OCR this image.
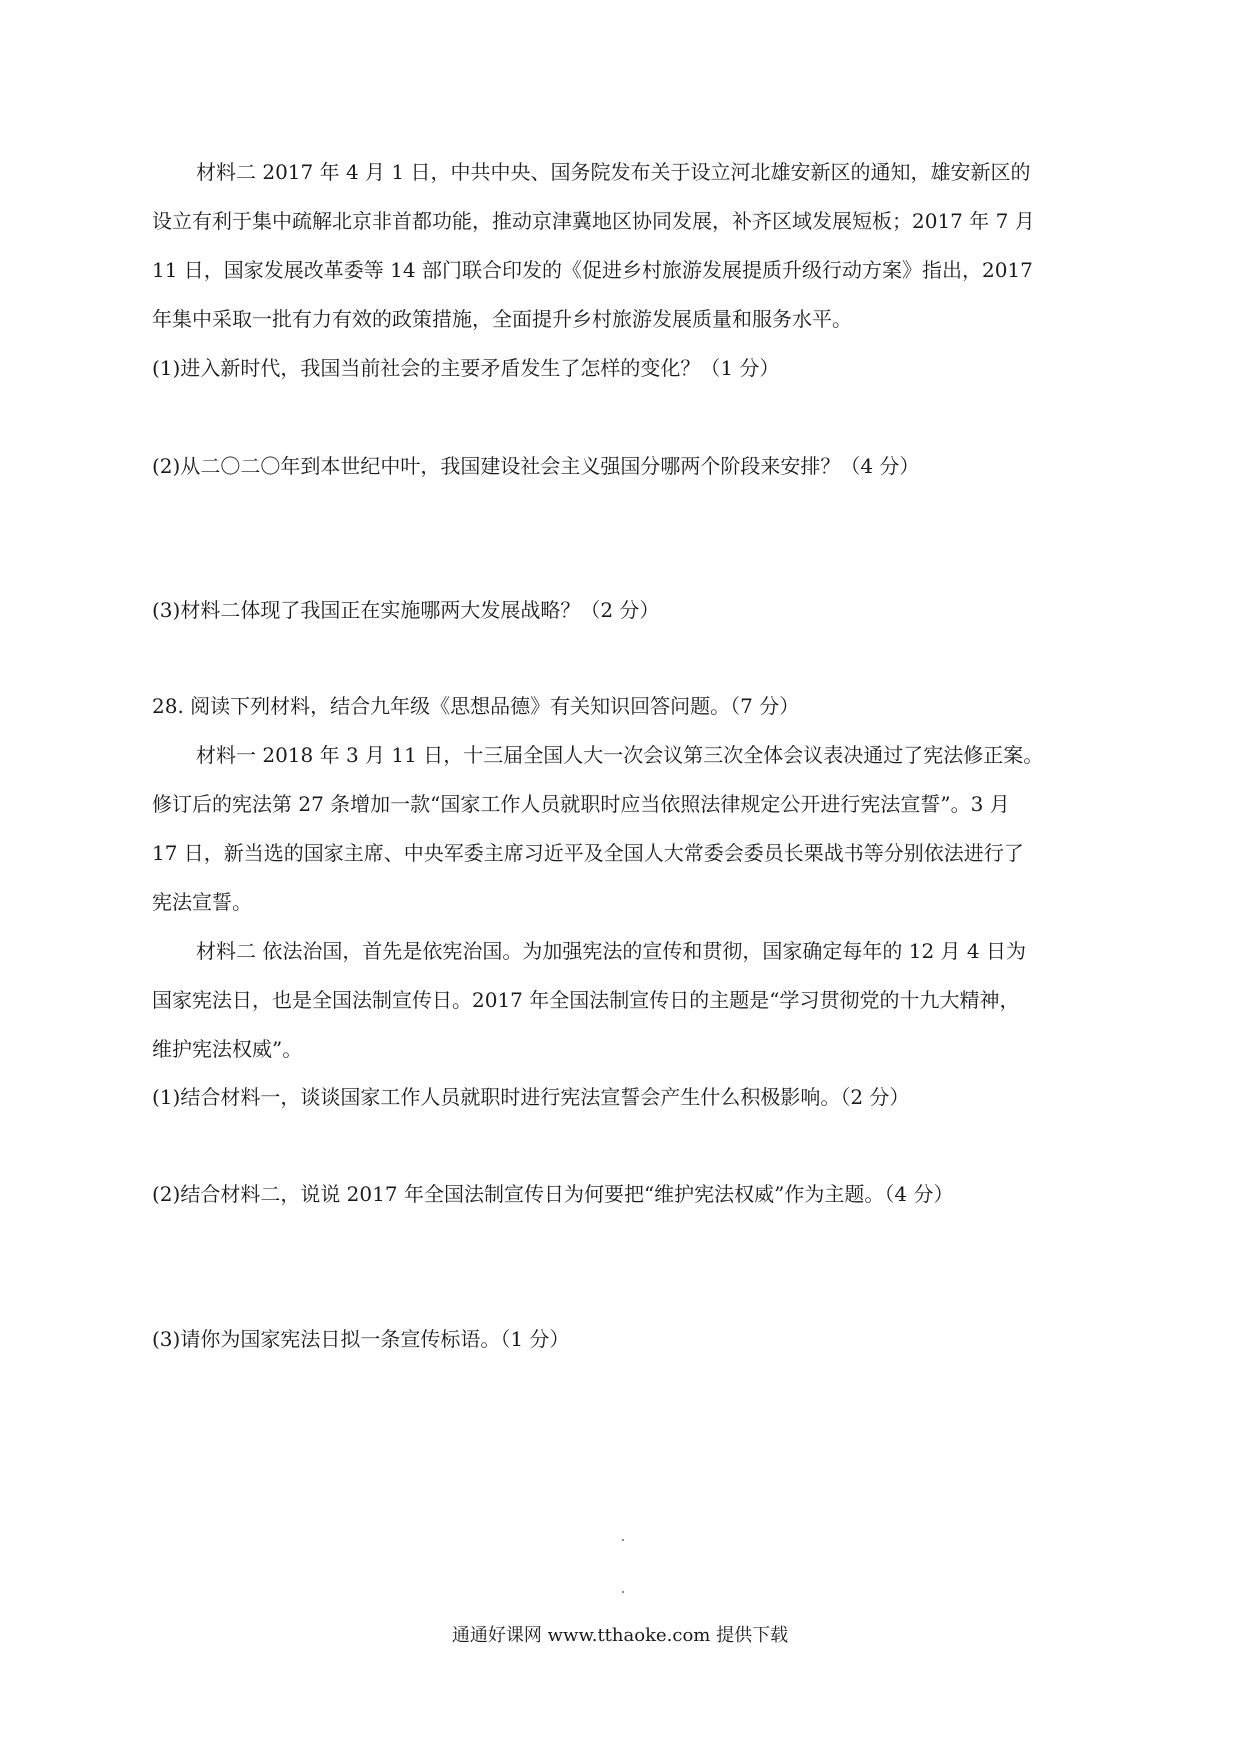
材料二 2017 年 4 月 1 日，中共中央、国务院发布关于设立河北雄安新区的通知，雄安新区的

设立有利于集中疏解北京非首都功能，推动京津冀地区协同发展，补齐区域发展短板；2017 年 7 月

11 日，国家发展改革委等 14 部门联合印发的《促进乡村旅游发展提质升级行动方案》指出，2017

年集中采取一批有力有效的政策措施，全面提升乡村旅游发展质量和服务水平。

(1)进入新时代，我国当前社会的主要矛盾发生了怎样的变化？（1 分）

(2)从二〇二〇年到本世纪中叶，我国建设社会主义强国分哪两个阶段来安排？（4 分）

(3)材料二体现了我国正在实施哪两大发展战略？（2 分）

28. 阅读下列材料，结合九年级《思想品德》有关知识回答问题。（7 分）

材料一 2018 年 3 月 11 日，十三届全国人大一次会议第三次全体会议表决通过了宪法修正案。

修订后的宪法第 27 条增加一款“国家工作人员就职时应当依照法律规定公开进行宪法宣誓”。3 月

17 日，新当选的国家主席、中央军委主席习近平及全国人大常委会委员长栗战书等分别依法进行了

宪法宣誓。

材料二 依法治国，首先是依宪治国。为加强宪法的宣传和贯彻，国家确定每年的 12 月 4 日为

国家宪法日，也是全国法制宣传日。2017 年全国法制宣传日的主题是“学习贯彻党的十九大精神，

维护宪法权威”。

(1)结合材料一，谈谈国家工作人员就职时进行宪法宣誓会产生什么积极影响。（2 分）

(2)结合材料二，说说 2017 年全国法制宣传日为何要把“维护宪法权威”作为主题。（4 分）

(3)请你为国家宪法日拟一条宣传标语。（1 分）

通通好课网 www.tthaoke.com 提供下载
